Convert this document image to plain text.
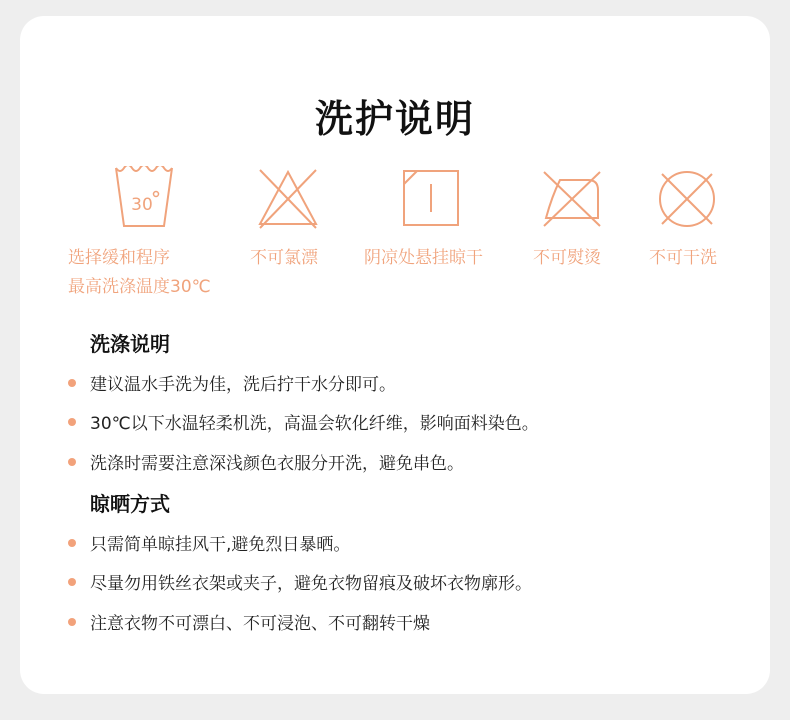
洗护说明
30
选择缓和程序
最高洗涤温度30℃
不可氯漂	阴凉处悬挂晾干	不可熨烫	不可干洗
洗涤说明
建议温水手洗为佳，洗后拧干水分即可。
30℃以下水温轻柔机洗，高温会软化纤维，影响面料染色。
洗涤时需要注意深浅颜色衣服分开洗，避免串色。
晾晒方式
只需简单晾挂风干,避免烈日暴晒。
尽量勿用铁丝衣架或夹子，避免衣物留痕及破坏衣物廓形。
注意衣物不可漂白、不可浸泡、不可翻转干燥
